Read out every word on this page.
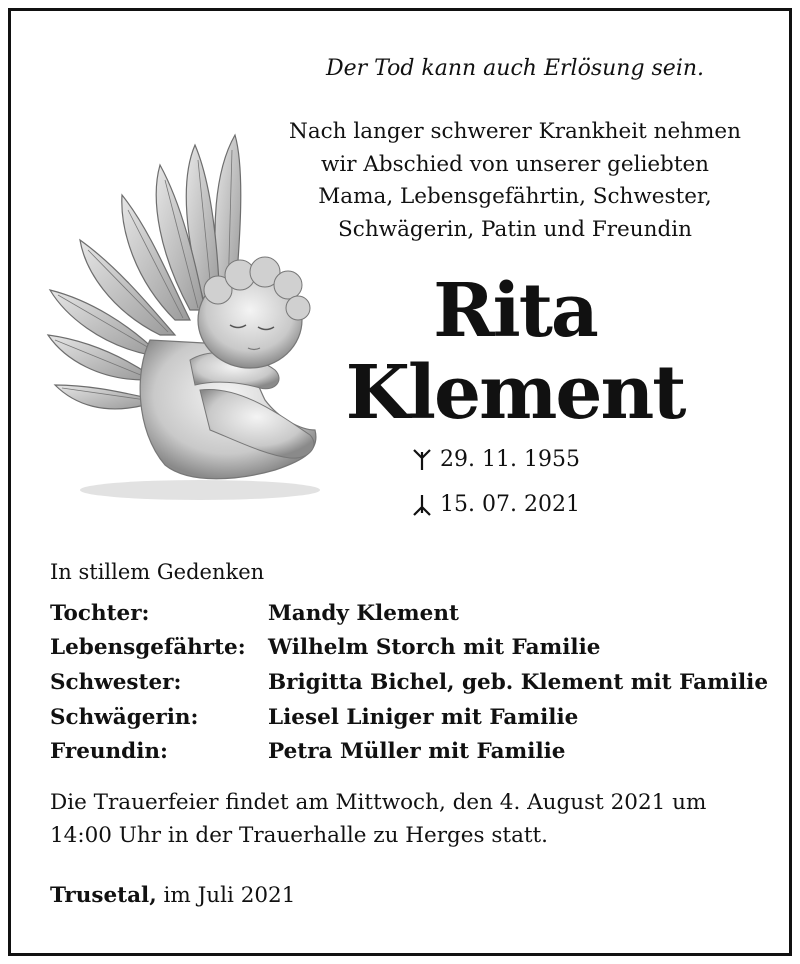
Der Tod kann auch Erlösung sein.
Nach langer schwerer Krankheit nehmen
wir Abschied von unserer geliebten
Mama, Lebensgefährtin, Schwester,
Schwägerin, Patin und Freundin
Rita
Klement
29. 11. 1955
15. 07. 2021
In stillem Gedenken
Tochter:	Mandy Klement
Lebensgefährte: Wilhelm Storch mit Familie
Schwester:	Brigitta Bichel, geb. Klement mit Familie
Schwägerin:	Liesel Liniger mit Familie
Freundin:	Petra Müller mit Familie
Die Trauerfeier findet am Mittwoch, den 4. August 2021 um
14:00 Uhr in der Trauerhalle zu Herges statt.
Trusetal, im Juli 2021
